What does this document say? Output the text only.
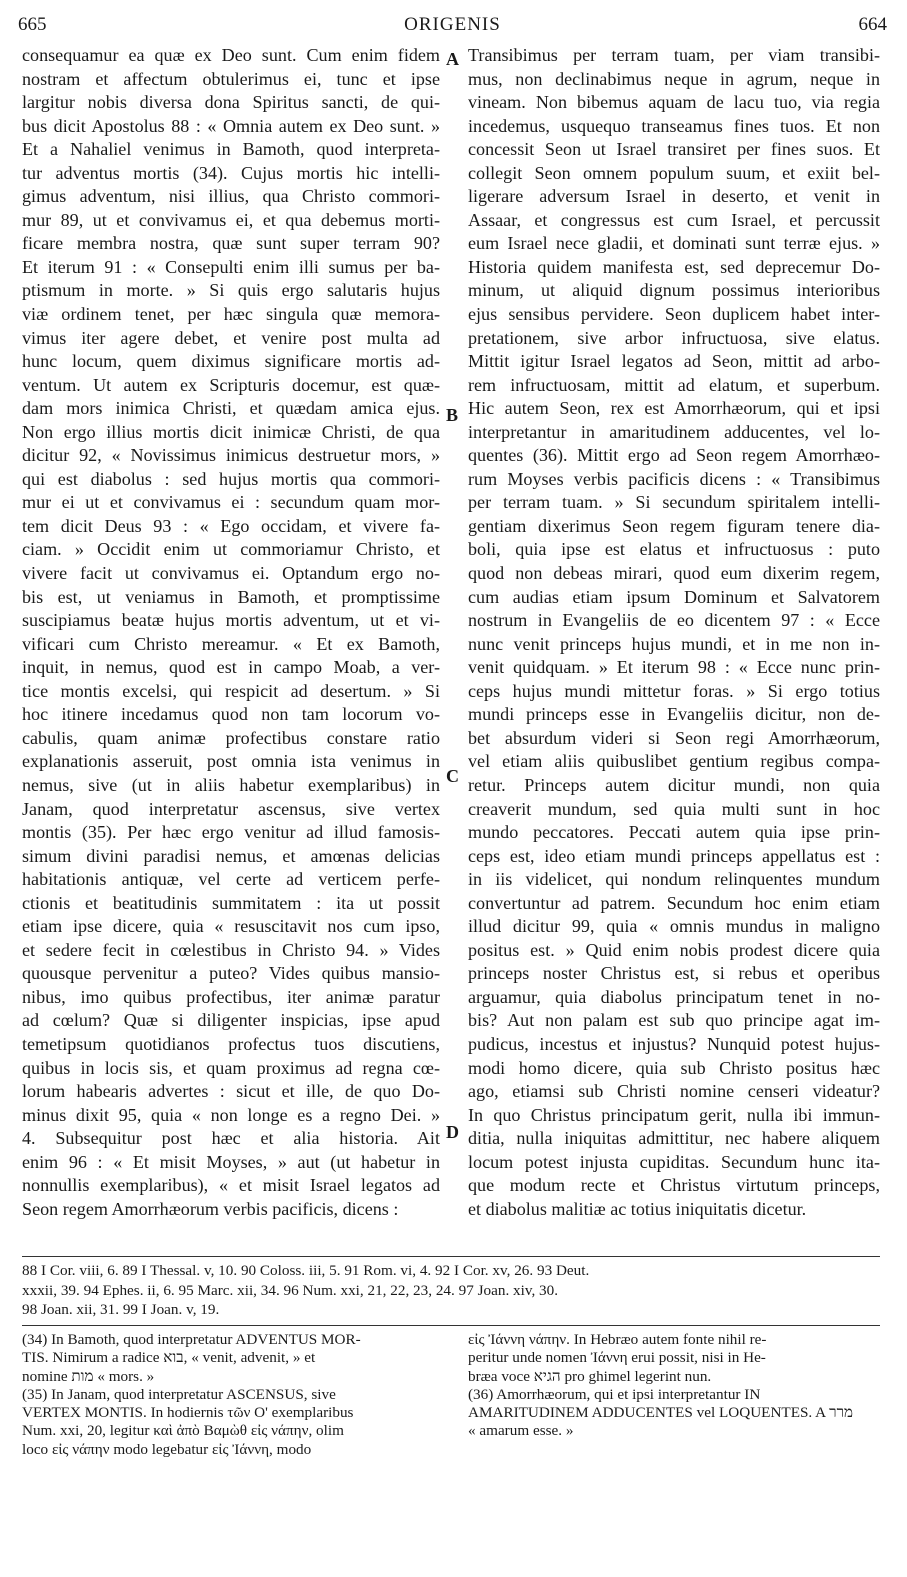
665	ORIGENIS	664
consequamur ea quæ ex Deo sunt. Cum enim fidem
nostram et affectum obtulerimus ei, tunc et ipse
largitur nobis diversa dona Spiritus sancti, de qui-
bus dicit Apostolus 88 : « Omnia autem ex Deo sunt. »
Et a Nahaliel venimus in Bamoth, quod interpreta-
tur adventus mortis (34). Cujus mortis hic intelli-
gimus adventum, nisi illius, qua Christo commori-
mur 89, ut et convivamus ei, et qua debemus morti-
ficare membra nostra, quæ sunt super terram 90?
Et iterum 91 : « Consepulti enim illi sumus per ba-
ptismum in morte. » Si quis ergo salutaris hujus
viæ ordinem tenet, per hæc singula quæ memora-
vimus iter agere debet, et venire post multa ad
hunc locum, quem diximus significare mortis ad-
ventum. Ut autem ex Scripturis docemur, est quæ-
dam mors inimica Christi, et quædam amica ejus.
Non ergo illius mortis dicit inimicæ Christi, de qua
dicitur 92, « Novissimus inimicus destruetur mors, »
qui est diabolus : sed hujus mortis qua commori-
mur ei ut et convivamus ei : secundum quam mor-
tem dicit Deus 93 : « Ego occidam, et vivere fa-
ciam. » Occidit enim ut commoriamur Christo, et
vivere facit ut convivamus ei. Optandum ergo no-
bis est, ut veniamus in Bamoth, et promptissime
suscipiamus beatæ hujus mortis adventum, ut et vi-
vificari cum Christo mereamur. « Et ex Bamoth,
inquit, in nemus, quod est in campo Moab, a ver-
tice montis excelsi, qui respicit ad desertum. » Si
hoc itinere incedamus quod non tam locorum vo-
cabulis, quam animæ profectibus constare ratio
explanationis asseruit, post omnia ista venimus in
nemus, sive (ut in aliis habetur exemplaribus) in
Janam, quod interpretatur ascensus, sive vertex
montis (35). Per hæc ergo venitur ad illud famosis-
simum divini paradisi nemus, et amœnas delicias
habitationis antiquæ, vel certe ad verticem perfe-
ctionis et beatitudinis summitatem : ita ut possit
etiam ipse dicere, quia « resuscitavit nos cum ipso,
et sedere fecit in cœlestibus in Christo 94. » Vides
quousque pervenitur a puteo? Vides quibus mansio-
nibus, imo quibus profectibus, iter animæ paratur
ad cœlum? Quæ si diligenter inspicias, ipse apud
temetipsum quotidianos profectus tuos discutiens,
quibus in locis sis, et quam proximus ad regna cœ-
lorum habearis advertes : sicut et ille, de quo Do-
minus dixit 95, quia « non longe es a regno Dei. »
4. Subsequitur post hæc et alia historia. Ait
enim 96 : « Et misit Moyses, » aut (ut habetur in
nonnullis exemplaribus), « et misit Israel legatos ad
Seon regem Amorrhæorum verbis pacificis, dicens :
Transibimus per terram tuam, per viam transibi-
mus, non declinabimus neque in agrum, neque in
vineam. Non bibemus aquam de lacu tuo, via regia
incedemus, usquequo transeamus fines tuos. Et non
concessit Seon ut Israel transiret per fines suos. Et
collegit Seon omnem populum suum, et exiit bel-
ligerare adversum Israel in deserto, et venit in
Assaar, et congressus est cum Israel, et percussit
eum Israel nece gladii, et dominati sunt terræ ejus. »
Historia quidem manifesta est, sed deprecemur Do-
minum, ut aliquid dignum possimus interioribus
ejus sensibus pervidere. Seon duplicem habet inter-
pretationem, sive arbor infructuosa, sive elatus.
Mittit igitur Israel legatos ad Seon, mittit ad arbo-
rem infructuosam, mittit ad elatum, et superbum.
Hic autem Seon, rex est Amorrhæorum, qui et ipsi
interpretantur in amaritudinem adducentes, vel lo-
quentes (36). Mittit ergo ad Seon regem Amorrhæo-
rum Moyses verbis pacificis dicens : « Transibimus
per terram tuam. » Si secundum spiritalem intelli-
gentiam dixerimus Seon regem figuram tenere dia-
boli, quia ipse est elatus et infructuosus : puto
quod non debeas mirari, quod eum dixerim regem,
cum audias etiam ipsum Dominum et Salvatorem
nostrum in Evangeliis de eo dicentem 97 : « Ecce
nunc venit princeps hujus mundi, et in me non in-
venit quidquam. » Et iterum 98 : « Ecce nunc prin-
ceps hujus mundi mittetur foras. » Si ergo totius
mundi princeps esse in Evangeliis dicitur, non de-
bet absurdum videri si Seon regi Amorrhæorum,
vel etiam aliis quibuslibet gentium regibus compa-
retur. Princeps autem dicitur mundi, non quia
creaverit mundum, sed quia multi sunt in hoc
mundo peccatores. Peccati autem quia ipse prin-
ceps est, ideo etiam mundi princeps appellatus est :
in iis videlicet, qui nondum relinquentes mundum
convertuntur ad patrem. Secundum hoc enim etiam
illud dicitur 99, quia « omnis mundus in maligno
positus est. » Quid enim nobis prodest dicere quia
princeps noster Christus est, si rebus et operibus
arguamur, quia diabolus principatum tenet in no-
bis? Aut non palam est sub quo principe agat im-
pudicus, incestus et injustus? Nunquid potest hujus-
modi homo dicere, quia sub Christo positus hæc
ago, etiamsi sub Christi nomine censeri videatur?
In quo Christus principatum gerit, nulla ibi immun-
ditia, nulla iniquitas admittitur, nec habere aliquem
locum potest injusta cupiditas. Secundum hunc ita-
que modum recte et Christus virtutum princeps,
et diabolus malitiæ ac totius iniquitatis dicetur.
A
B
C
D
88 I Cor. viii, 6. 89 I Thessal. v, 10. 90 Coloss. iii, 5. 91 Rom. vi, 4. 92 I Cor. xv, 26. 93 Deut.
xxxii, 39. 94 Ephes. ii, 6. 95 Marc. xii, 34. 96 Num. xxi, 21, 22, 23, 24. 97 Joan. xiv, 30.
98 Joan. xii, 31. 99 I Joan. v, 19.
(34) In Bamoth, quod interpretatur ADVENTUS MOR-
TIS. Nimirum a radice בוא, « venit, advenit, » et
nomine מות « mors. »
(35) In Janam, quod interpretatur ASCENSUS, sive
VERTEX MONTIS. In hodiernis τῶν Ο' exemplaribus
Num. xxi, 20, legitur καὶ ἀπὸ Βαμὼθ εἰς νάπην, olim
loco εἰς νάπην modo legebatur εἰς Ἰάννη, modo
εἰς Ἰάννη νάπην. In Hebræo autem fonte nihil re-
peritur unde nomen Ἰάννη erui possit, nisi in He-
bræa voce הגיא pro ghimel legerint nun.
(36) Amorrhæorum, qui et ipsi interpretantur IN
AMARITUDINEM ADDUCENTES vel LOQUENTES. A מרר
« amarum esse. »
